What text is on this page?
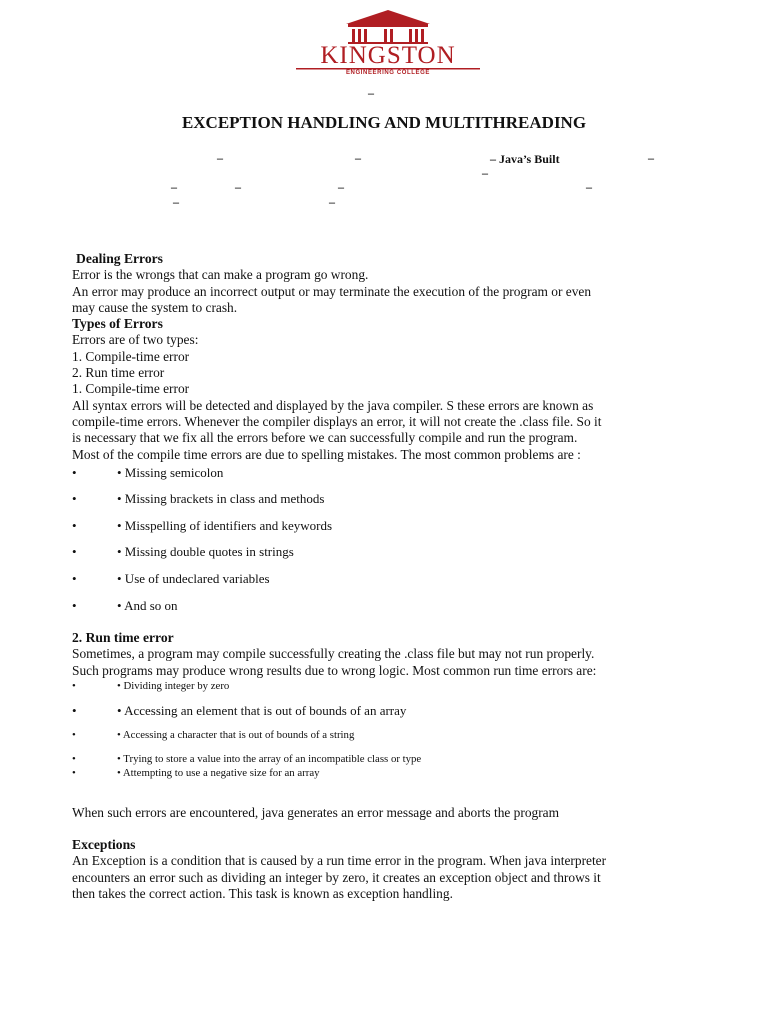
KINGSTON
ENGINEERING COLLEGE
–
EXCEPTION HANDLING AND MULTITHREADING
–	–	– Java’s Built	–
–
–	–	–	–
–	–
Dealing Errors
Error is the wrongs that can make a program go wrong.
An error may produce an incorrect output or may terminate the execution of the program or even
may cause the system to crash.
Types of Errors
Errors are of two types:
1. Compile-time error
2. Run time error
1. Compile-time error
All syntax errors will be detected and displayed by the java compiler. S these errors are known as
compile-time errors. Whenever the compiler displays an error, it will not create the .class file. So it
is necessary that we fix all the errors before we can successfully compile and run the program.
Most of the compile time errors are due to spelling mistakes. The most common problems are :
•	• Missing semicolon
•	• Missing brackets in class and methods
•	• Misspelling of identifiers and keywords
•	• Missing double quotes in strings
•	• Use of undeclared variables
•	• And so on
2. Run time error
Sometimes, a program may compile successfully creating the .class file but may not run properly.
Such programs may produce wrong results due to wrong logic. Most common run time errors are:
•	• Dividing integer by zero
•	• Accessing an element that is out of bounds of an array
•	• Accessing a character that is out of bounds of a string
•	• Trying to store a value into the array of an incompatible class or type
•	• Attempting to use a negative size for an array
When such errors are encountered, java generates an error message and aborts the program
Exceptions
An Exception is a condition that is caused by a run time error in the program. When java interpreter
encounters an error such as dividing an integer by zero, it creates an exception object and throws it
then takes the correct action. This task is known as exception handling.
